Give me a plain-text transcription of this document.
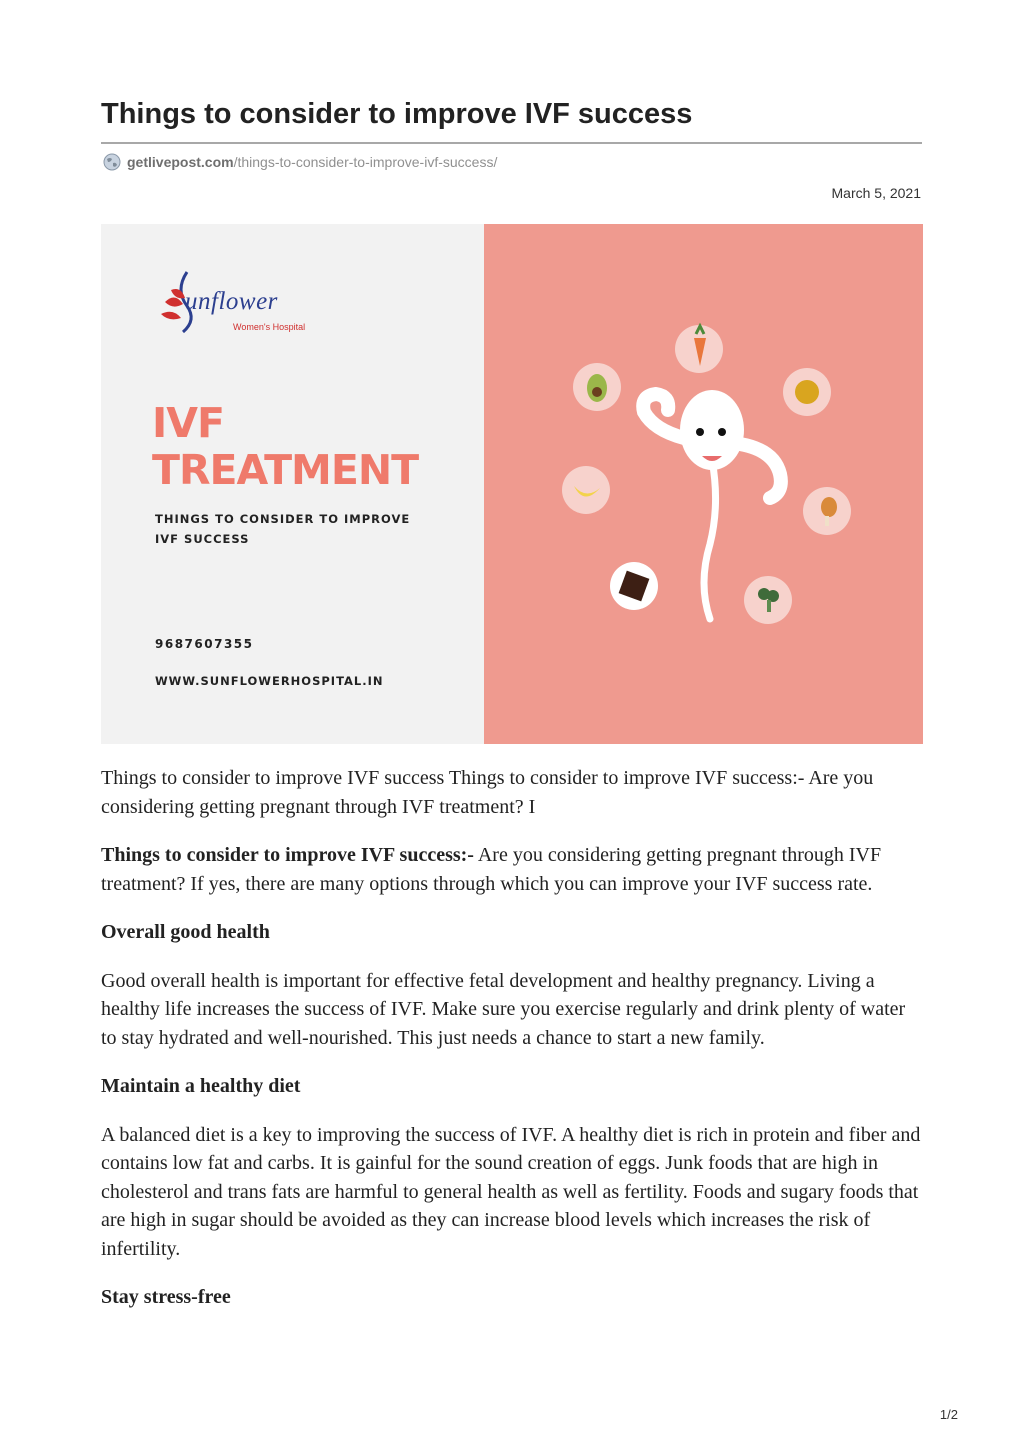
Things to consider to improve IVF success
getlivepost.com /things-to-consider-to-improve-ivf-success/
March 5, 2021
unflower
Women's Hospital
IVF
TREATMENT
THINGS TO CONSIDER TO IMPROVE
IVF SUCCESS
9687607355
WWW.SUNFLOWERHOSPITAL.IN

Things to consider to improve IVF success Things to consider to improve IVF success:- Are you considering getting pregnant through IVF treatment? I

Things to consider to improve IVF success:- Are you considering getting pregnant through IVF treatment? If yes, there are many options through which you can improve your IVF success rate.

Overall good health

Good overall health is important for effective fetal development and healthy pregnancy. Living a healthy life increases the success of IVF. Make sure you exercise regularly and drink plenty of water to stay hydrated and well-nourished. This just needs a chance to start a new family.

Maintain a healthy diet

A balanced diet is a key to improving the success of IVF. A healthy diet is rich in protein and fiber and contains low fat and carbs. It is gainful for the sound creation of eggs. Junk foods that are high in cholesterol and trans fats are harmful to general health as well as fertility. Foods and sugary foods that are high in sugar should be avoided as they can increase blood levels which increases the risk of infertility.

Stay stress-free
1/2
